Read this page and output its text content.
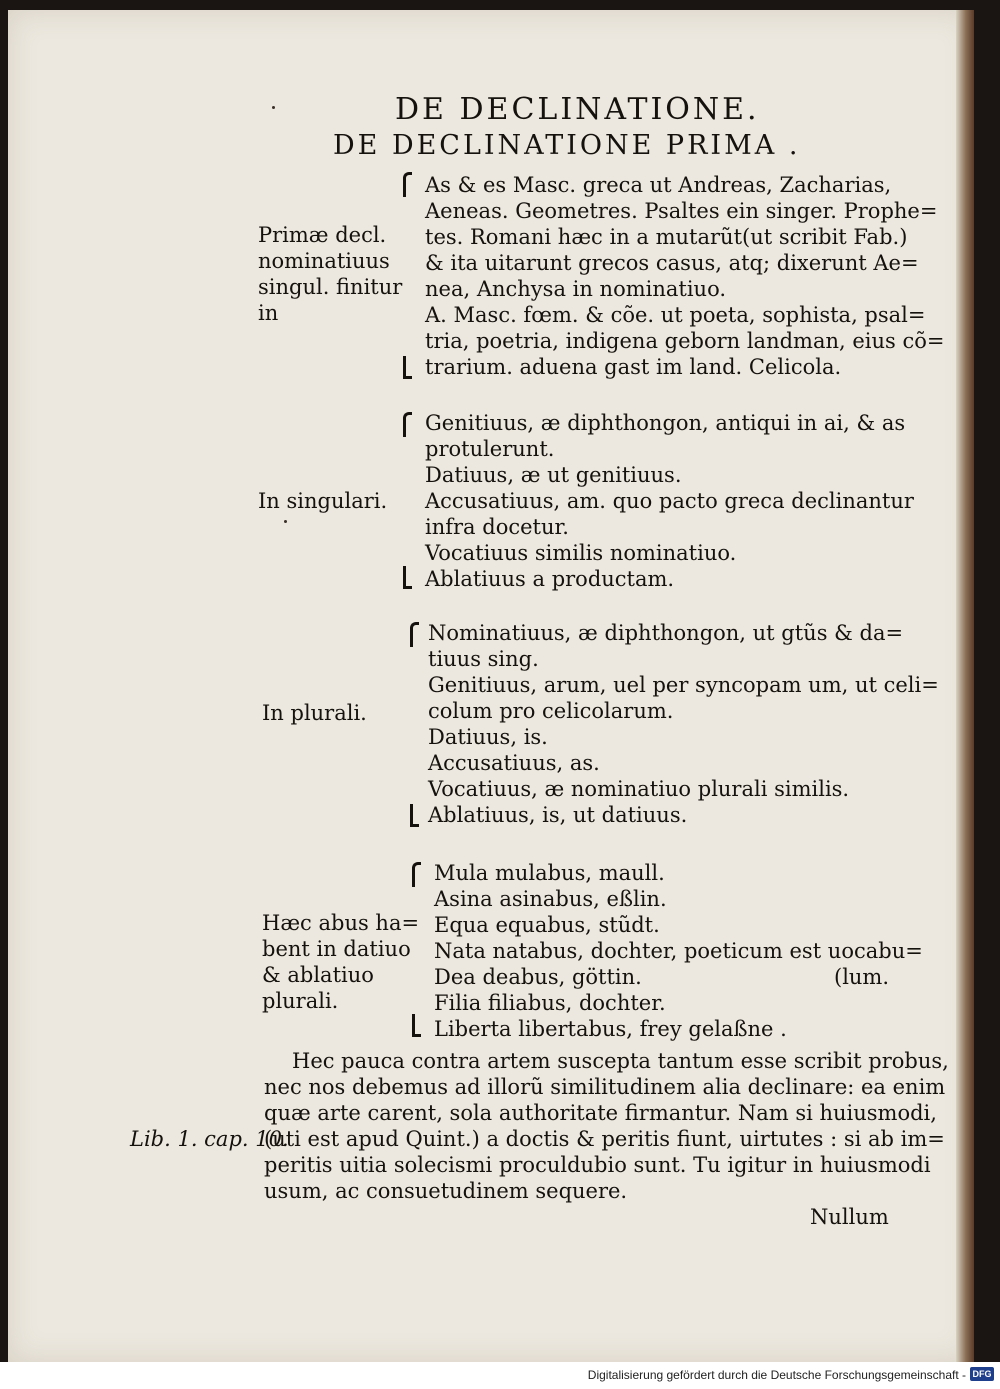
DE DECLINATIONE.
DE DECLINATIONE PRIMA .
Primæ decl.
nominatiuus
singul. finitur
in
As & es Masc. greca ut Andreas, Zacharias,
Aeneas. Geometres. Psaltes ein singer. Prophe=
tes. Romani hæc in a mutarũt(ut scribit Fab.)
& ita uitarunt grecos casus, atq; dixerunt Ae=
nea, Anchysa in nominatiuo.
A. Masc. fœm. & cõe. ut poeta, sophista, psal=
tria, poetria, indigena geborn landman, eius cõ=
trarium. aduena gast im land. Celicola.
In singulari.
Genitiuus, æ diphthongon, antiqui in ai, & as
protulerunt.
Datiuus, æ ut genitiuus.
Accusatiuus, am. quo pacto greca declinantur
infra docetur.
Vocatiuus similis nominatiuo.
Ablatiuus a productam.
In plurali.
Nominatiuus, æ diphthongon, ut gtũs & da=
tiuus sing.
Genitiuus, arum, uel per syncopam um, ut celi=
colum pro celicolarum.
Datiuus, is.
Accusatiuus, as.
Vocatiuus, æ nominatiuo plurali similis.
Ablatiuus, is, ut datiuus.
Hæc abus ha=
bent in datiuo
& ablatiuo
plurali.
Mula mulabus, maull.
Asina asinabus, eßlin.
Equa equabus, stũdt.
Nata natabus, dochter, poeticum est uocabu=
Dea deabus, göttin.	(lum.
Filia filiabus, dochter.
Liberta libertabus, frey gelaßne .
Hec pauca contra artem suscepta tantum esse scribit probus,
nec nos debemus ad illorũ similitudinem alia declinare: ea enim
quæ arte carent, sola authoritate firmantur. Nam si huiusmodi,
Lib. 1. cap. 10.
(uti est apud Quint.) a doctis & peritis fiunt, uirtutes : si ab im=
peritis uitia solecismi proculdubio sunt. Tu igitur in huiusmodi
usum, ac consuetudinem sequere.
Nullum
Digitalisierung gefördert durch die Deutsche Forschungsgemeinschaft - DFG
